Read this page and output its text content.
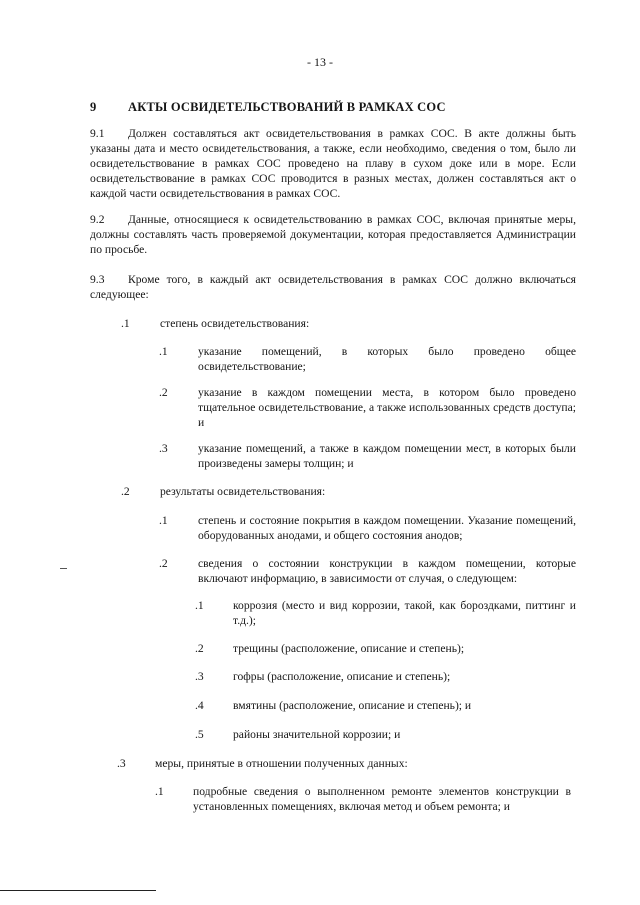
- 13 -
9	АКТЫ ОСВИДЕТЕЛЬСТВОВАНИЙ В РАМКАХ СОС
9.1 Должен составляться акт освидетельствования в рамках СОС. В акте должны быть указаны дата и место освидетельствования, а также, если необходимо, сведения о том, было ли освидетельствование в рамках СОС проведено на плаву в сухом доке или в море. Если освидетельствование в рамках СОС проводится в разных местах, должен составляться акт о каждой части освидетельствования в рамках СОС.
9.2 Данные, относящиеся к освидетельствованию в рамках СОС, включая принятые меры, должны составлять часть проверяемой документации, которая предоставляется Администрации по просьбе.
9.3 Кроме того, в каждый акт освидетельствования в рамках СОС должно включаться следующее:
.1	степень освидетельствования:
.1	указание помещений, в которых было проведено общее освидетельствование;
.2	указание в каждом помещении места, в котором было проведено тщательное освидетельствование, а также использованных средств доступа; и
.3	указание помещений, а также в каждом помещении мест, в которых были произведены замеры толщин; и
.2	результаты освидетельствования:
.1	степень и состояние покрытия в каждом помещении. Указание помещений, оборудованных анодами, и общего состояния анодов;
.2	сведения о состоянии конструкции в каждом помещении, которые включают информацию, в зависимости от случая, о следующем:
.1	коррозия (место и вид коррозии, такой, как бороздками, питтинг и т.д.);
.2	трещины (расположение, описание и степень);
.3	гофры (расположение, описание и степень);
.4	вмятины (расположение, описание и степень); и
.5	районы значительной коррозии; и
.3	меры, принятые в отношении полученных данных:
.1	подробные сведения о выполненном ремонте элементов конструкции в установленных помещениях, включая метод и объем ремонта; и
